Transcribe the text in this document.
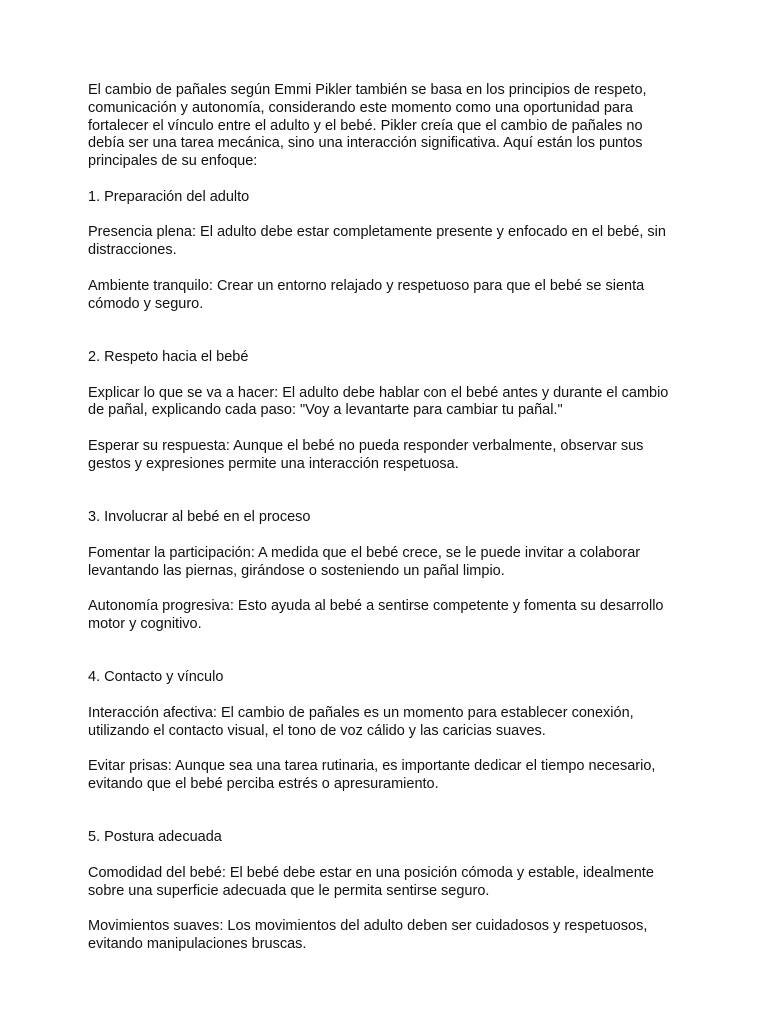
El cambio de pañales según Emmi Pikler también se basa en los principios de respeto, comunicación y autonomía, considerando este momento como una oportunidad para fortalecer el vínculo entre el adulto y el bebé. Pikler creía que el cambio de pañales no debía ser una tarea mecánica, sino una interacción significativa. Aquí están los puntos principales de su enfoque:

1. Preparación del adulto

Presencia plena: El adulto debe estar completamente presente y enfocado en el bebé, sin distracciones.

Ambiente tranquilo: Crear un entorno relajado y respetuoso para que el bebé se sienta cómodo y seguro.

2. Respeto hacia el bebé

Explicar lo que se va a hacer: El adulto debe hablar con el bebé antes y durante el cambio de pañal, explicando cada paso: "Voy a levantarte para cambiar tu pañal."

Esperar su respuesta: Aunque el bebé no pueda responder verbalmente, observar sus gestos y expresiones permite una interacción respetuosa.

3. Involucrar al bebé en el proceso

Fomentar la participación: A medida que el bebé crece, se le puede invitar a colaborar levantando las piernas, girándose o sosteniendo un pañal limpio.

Autonomía progresiva: Esto ayuda al bebé a sentirse competente y fomenta su desarrollo motor y cognitivo.

4. Contacto y vínculo

Interacción afectiva: El cambio de pañales es un momento para establecer conexión, utilizando el contacto visual, el tono de voz cálido y las caricias suaves.

Evitar prisas: Aunque sea una tarea rutinaria, es importante dedicar el tiempo necesario, evitando que el bebé perciba estrés o apresuramiento.

5. Postura adecuada

Comodidad del bebé: El bebé debe estar en una posición cómoda y estable, idealmente sobre una superficie adecuada que le permita sentirse seguro.

Movimientos suaves: Los movimientos del adulto deben ser cuidadosos y respetuosos, evitando manipulaciones bruscas.
